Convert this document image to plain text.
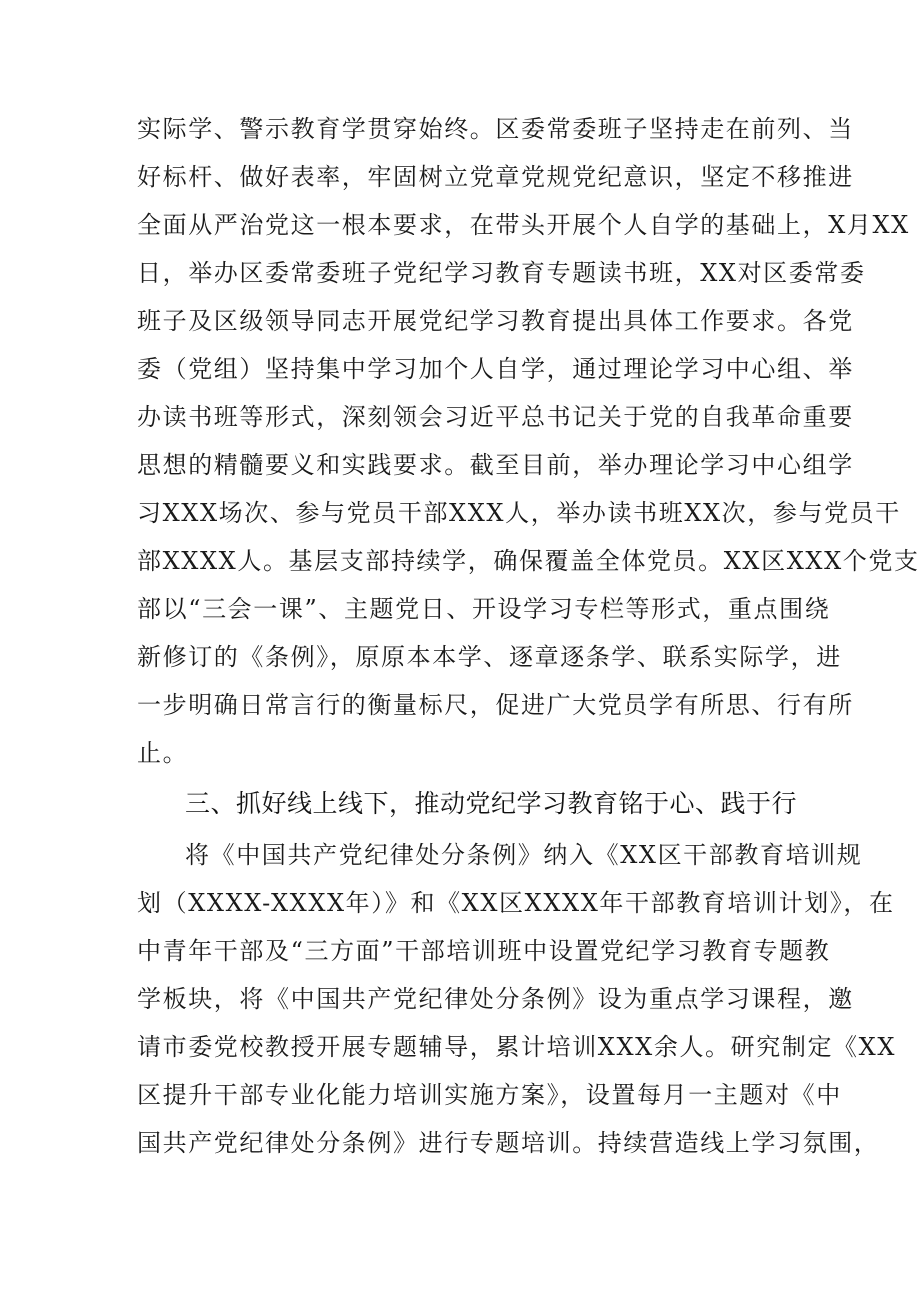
实际学、警示教育学贯穿始终。区委常委班子坚持走在前列、当
好标杆、做好表率，牢固树立党章党规党纪意识，坚定不移推进
全面从严治党这一根本要求，在带头开展个人自学的基础上，X月XX
日，举办区委常委班子党纪学习教育专题读书班，XX对区委常委
班子及区级领导同志开展党纪学习教育提出具体工作要求。各党
委（党组）坚持集中学习加个人自学，通过理论学习中心组、举
办读书班等形式，深刻领会习近平总书记关于党的自我革命重要
思想的精髓要义和实践要求。截至目前，举办理论学习中心组学
习XXX场次、参与党员干部XXX人，举办读书班XX次，参与党员干
部XXXX人。基层支部持续学，确保覆盖全体党员。XX区XXX个党支
部以“三会一课”、主题党日、开设学习专栏等形式，重点围绕
新修订的《条例》，原原本本学、逐章逐条学、联系实际学，进
一步明确日常言行的衡量标尺，促进广大党员学有所思、行有所
止。
三、抓好线上线下，推动党纪学习教育铭于心、践于行
将《中国共产党纪律处分条例》纳入《XX区干部教育培训规
划（XXXX-XXXX年）》和《XX区XXXX年干部教育培训计划》，在
中青年干部及“三方面”干部培训班中设置党纪学习教育专题教
学板块，将《中国共产党纪律处分条例》设为重点学习课程，邀
请市委党校教授开展专题辅导，累计培训XXX余人。研究制定《XX
区提升干部专业化能力培训实施方案》，设置每月一主题对《中
国共产党纪律处分条例》进行专题培训。持续营造线上学习氛围，
